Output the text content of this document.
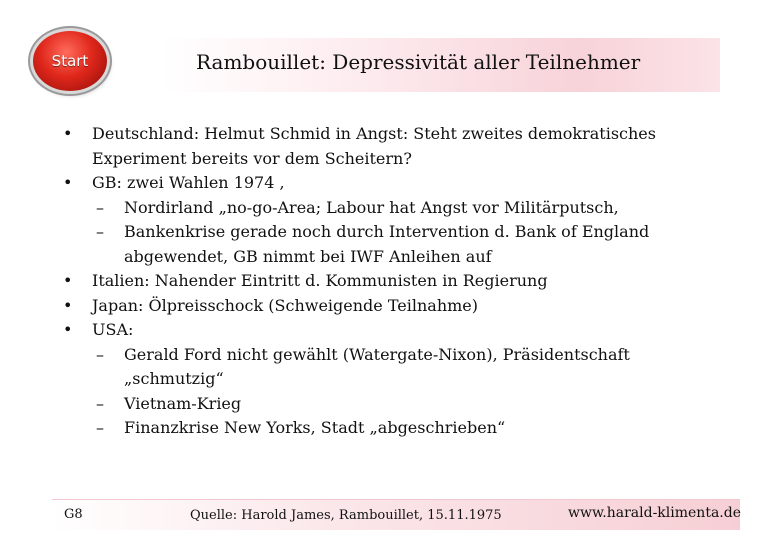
Start	Rambouillet: Depressivität aller Teilnehmer
• Deutschland: Helmut Schmid in Angst: Steht zweites demokratisches Experiment bereits vor dem Scheitern?
• GB: zwei Wahlen 1974 ,
– Nordirland „no-go-Area; Labour hat Angst vor Militärputsch,
– Bankenkrise gerade noch durch Intervention d. Bank of England abgewendet, GB nimmt bei IWF Anleihen auf
• Italien: Nahender Eintritt d. Kommunisten in Regierung
• Japan: Ölpreisschock (Schweigende Teilnahme)
• USA:
– Gerald Ford nicht gewählt (Watergate-Nixon), Präsidentschaft „schmutzig“
– Vietnam-Krieg
– Finanzkrise New Yorks, Stadt „abgeschrieben“
G8	Quelle: Harold James, Rambouillet, 15.11.1975	www.harald-klimenta.de
